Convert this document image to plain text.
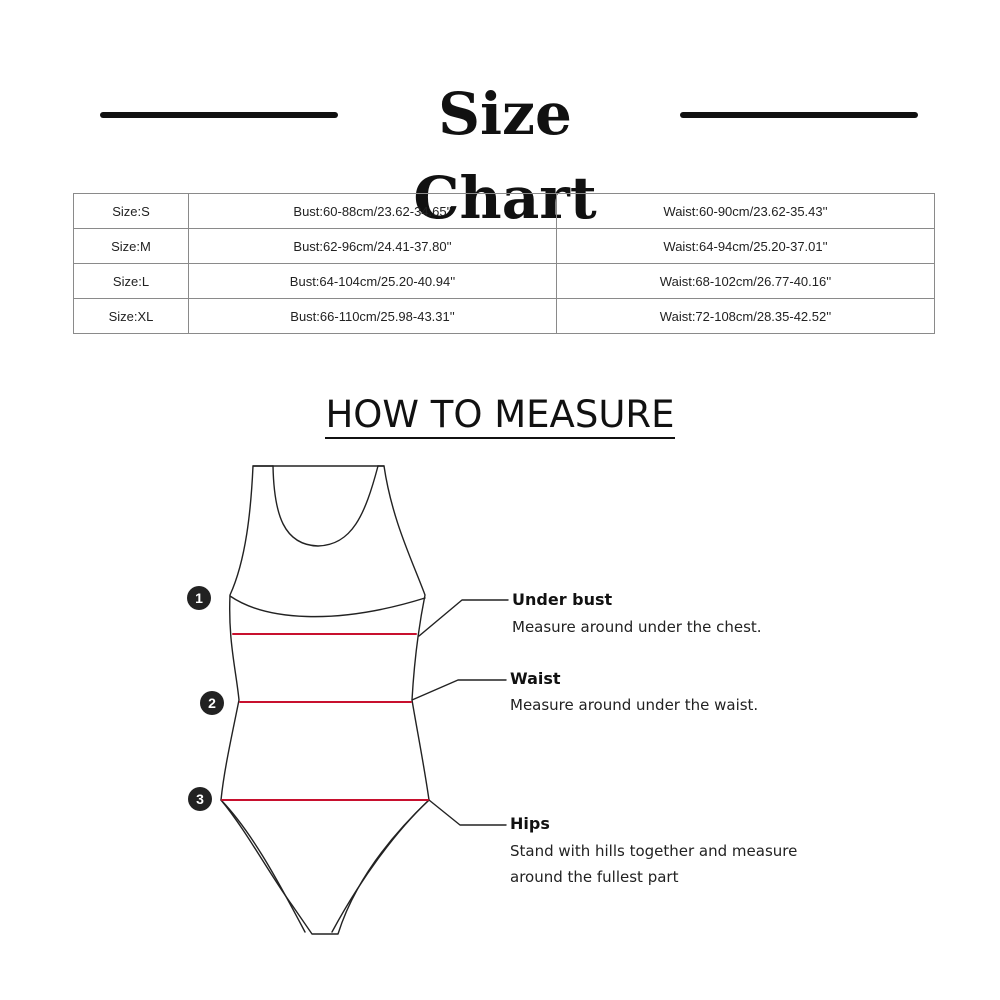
Size Chart
Size:S	Bust:60-88cm/23.62-34.65''	Waist:60-90cm/23.62-35.43''
Size:M	Bust:62-96cm/24.41-37.80''	Waist:64-94cm/25.20-37.01''
Size:L	Bust:64-104cm/25.20-40.94''	Waist:68-102cm/26.77-40.16''
Size:XL	Bust:66-110cm/25.98-43.31''	Waist:72-108cm/28.35-42.52''
HOW TO MEASURE
1
2
3
Under bust
Measure around under the chest.
Waist
Measure around under the waist.
Hips
Stand with hills together and measure
around the fullest part
